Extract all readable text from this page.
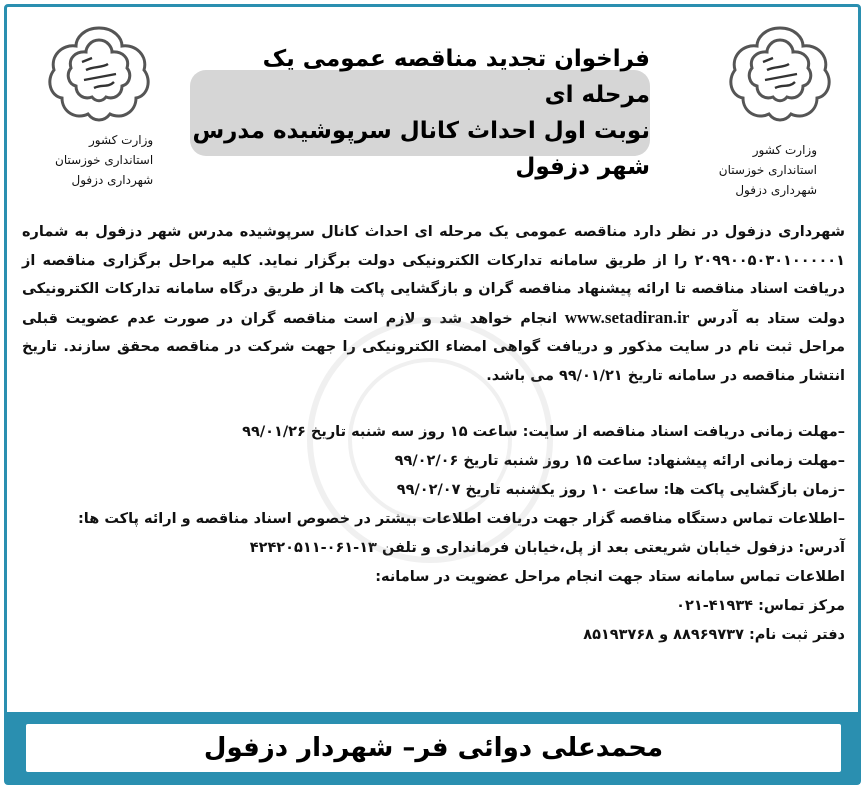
وزارت کشور
استانداری خوزستان
شهرداری دزفول
وزارت کشور
استانداری خوزستان
شهرداری دزفول
فراخوان تجدید مناقصه عمومی یک مرحله ای
نوبت اول احداث کانال سرپوشیده مدرس شهر دزفول

شهرداری دزفول در نظر دارد مناقصه عمومی یک مرحله ای احداث کانال سرپوشیده مدرس شهر دزفول به شماره ۲۰۹۹۰۰۵۰۳۰۱۰۰۰۰۰۱ را از طریق سامانه تدارکات الکترونیکی دولت برگزار نماید. کلیه مراحل برگزاری مناقصه از دریافت اسناد مناقصه تا ارائه پیشنهاد مناقصه گران و بازگشایی پاکت ها از طریق درگاه سامانه تدارکات الکترونیکی دولت ستاد به آدرس www.setadiran.ir انجام خواهد شد و لازم است مناقصه گران در صورت عدم عضویت قبلی مراحل ثبت نام در سایت مذکور و دریافت گواهی امضاء الکترونیکی را جهت شرکت در مناقصه محقق سازند. تاریخ انتشار مناقصه در سامانه تاریخ ۹۹/۰۱/۲۱ می باشد.

–مهلت زمانی دریافت اسناد مناقصه از سایت: ساعت ۱۵ روز سه شنبه تاریخ ۹۹/۰۱/۲۶
–مهلت زمانی ارائه پیشنهاد: ساعت ۱۵ روز شنبه تاریخ ۹۹/۰۲/۰۶
–زمان بازگشایی پاکت ها: ساعت ۱۰ روز یکشنبه تاریخ ۹۹/۰۲/۰۷
–اطلاعات تماس دستگاه مناقصه گزار جهت دریافت اطلاعات بیشتر در خصوص اسناد مناقصه و ارائه پاکت ها:
آدرس: دزفول خیابان شریعتی بعد از پل،خیابان فرمانداری و تلفن ۱۳-۰۶۱-۴۲۴۲۰۵۱۱
اطلاعات تماس سامانه ستاد جهت انجام مراحل عضویت در سامانه:
مرکز تماس: ۴۱۹۳۴-۰۲۱
دفتر ثبت نام: ۸۸۹۶۹۷۳۷ و ۸۵۱۹۳۷۶۸
محمدعلی دوائی فر– شهردار دزفول
